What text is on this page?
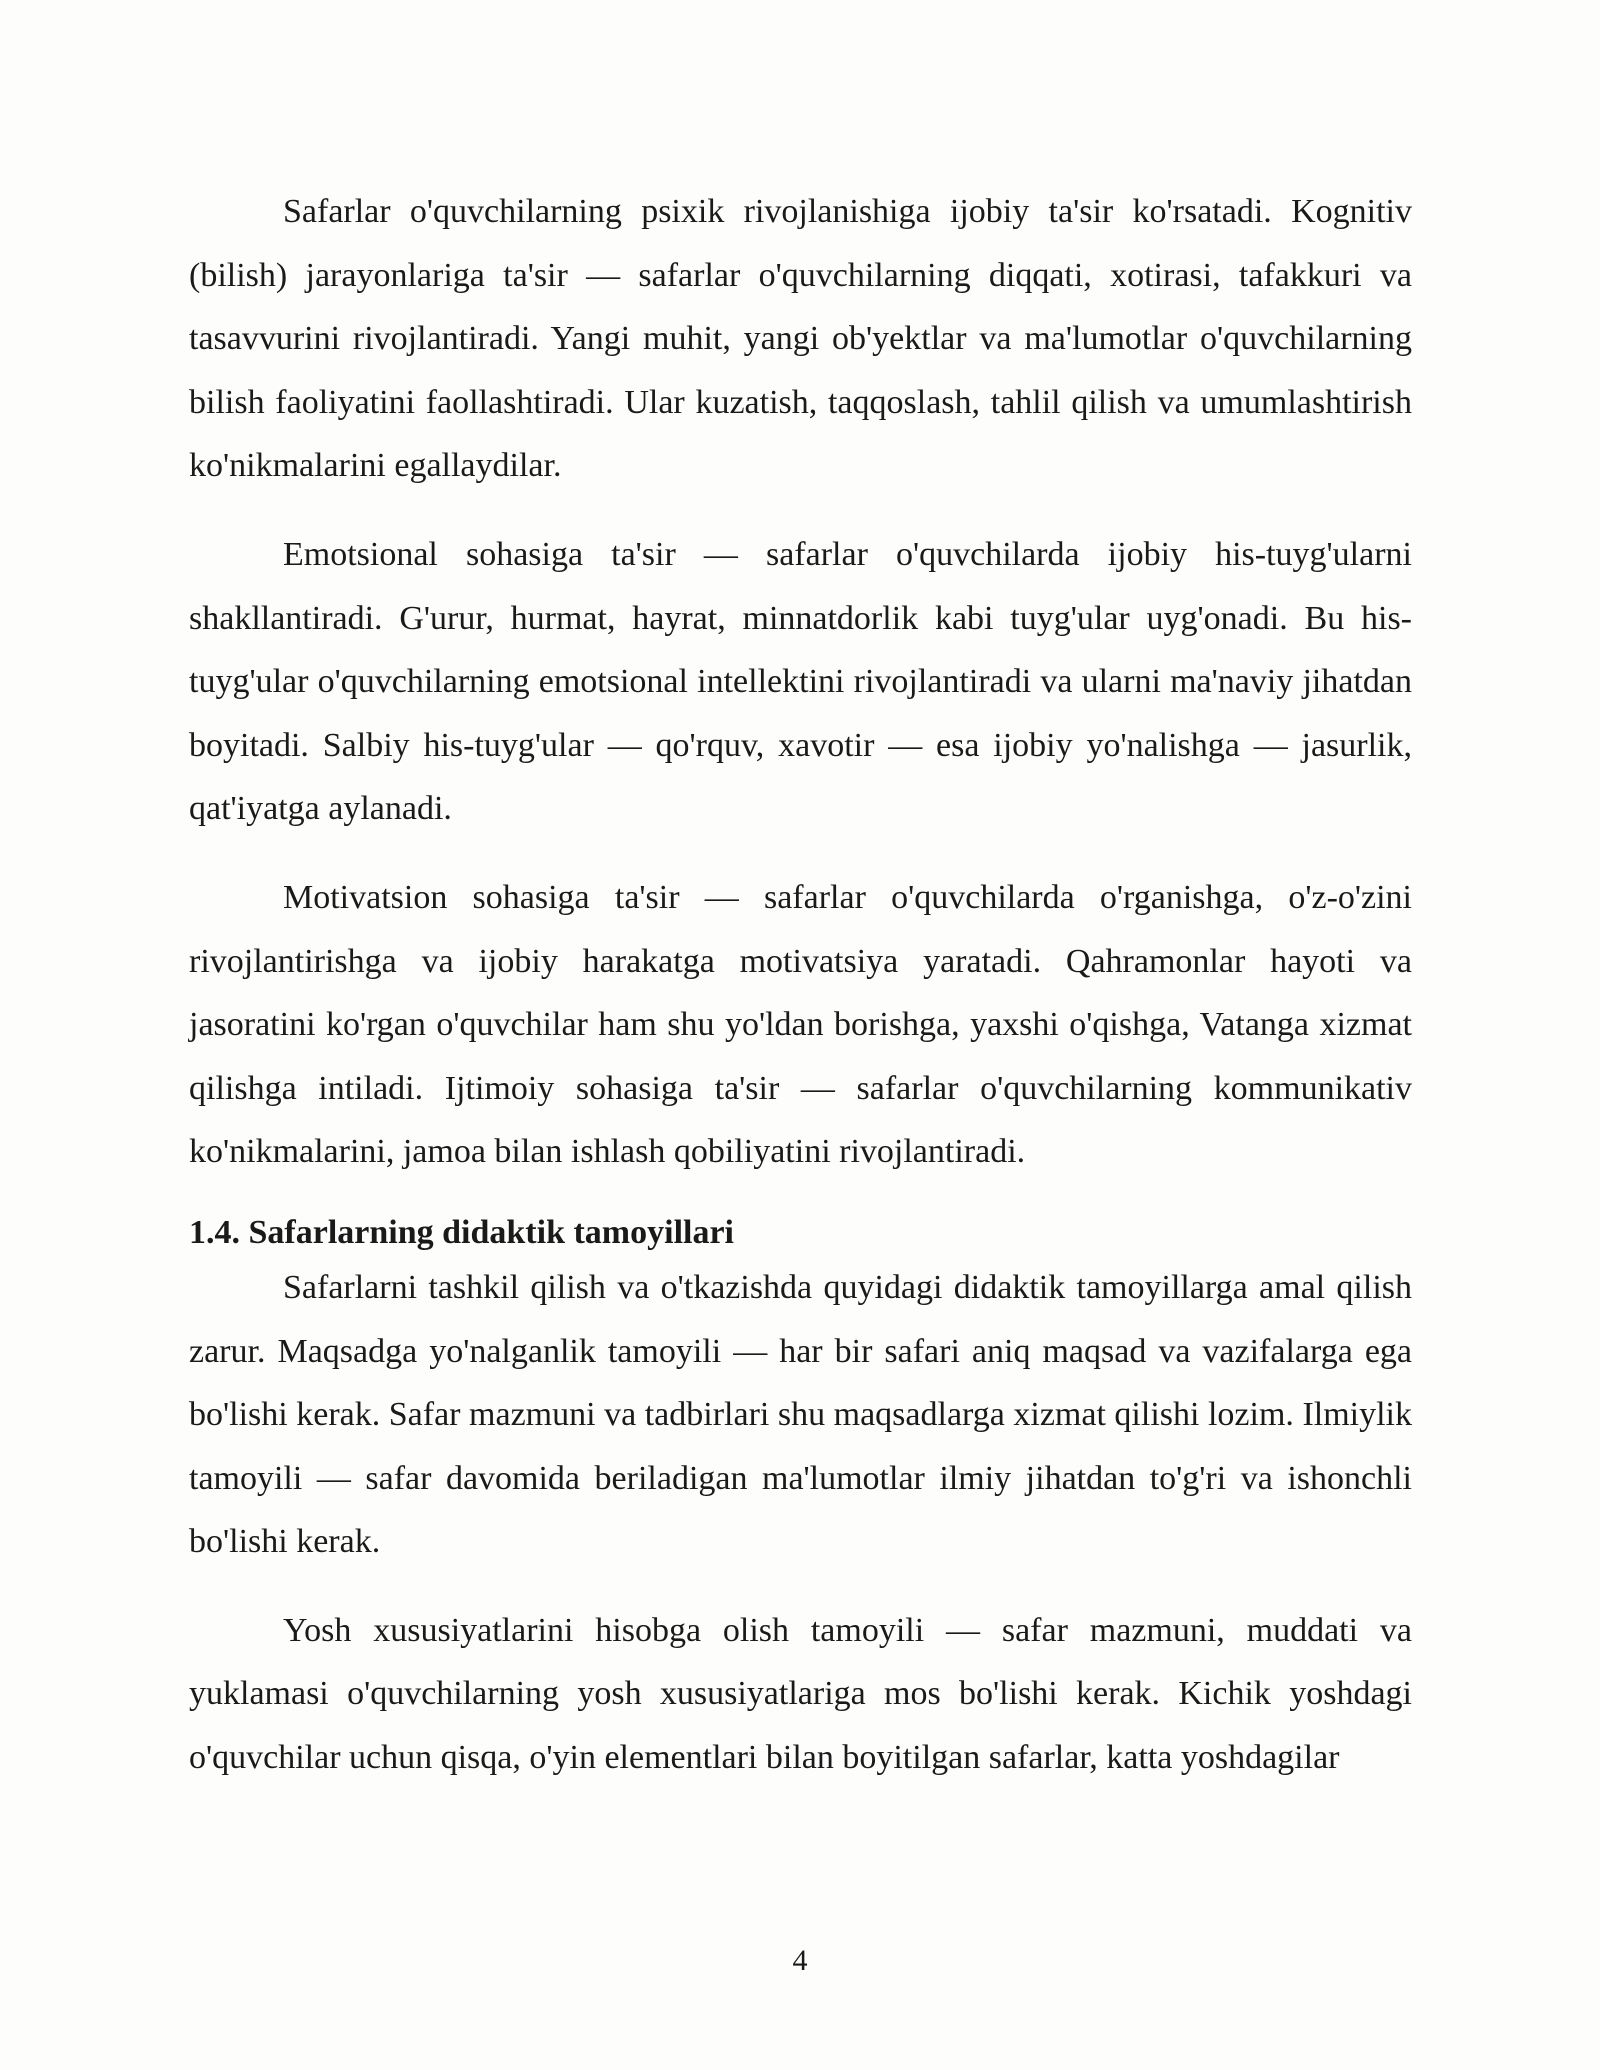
Safarlar o'quvchilarning psixik rivojlanishiga ijobiy ta'sir ko'rsatadi. Kognitiv (bilish) jarayonlariga ta'sir — safarlar o'quvchilarning diqqati, xotirasi, tafakkuri va tasavvurini rivojlantiradi. Yangi muhit, yangi ob'yektlar va ma'lumotlar o'quvchilarning bilish faoliyatini faollashtiradi. Ular kuzatish, taqqoslash, tahlil qilish va umumlashtirish ko'nikmalarini egallaydilar.

Emotsional sohasiga ta'sir — safarlar o'quvchilarda ijobiy his-tuyg'ularni shakllantiradi. G'urur, hurmat, hayrat, minnatdorlik kabi tuyg'ular uyg'onadi. Bu his-tuyg'ular o'quvchilarning emotsional intellektini rivojlantiradi va ularni ma'naviy jihatdan boyitadi. Salbiy his-tuyg'ular — qo'rquv, xavotir — esa ijobiy yo'nalishga — jasurlik, qat'iyatga aylanadi.

Motivatsion sohasiga ta'sir — safarlar o'quvchilarda o'rganishga, o'z-o'zini rivojlantirishga va ijobiy harakatga motivatsiya yaratadi. Qahramonlar hayoti va jasoratini ko'rgan o'quvchilar ham shu yo'ldan borishga, yaxshi o'qishga, Vatanga xizmat qilishga intiladi. Ijtimoiy sohasiga ta'sir — safarlar o'quvchilarning kommunikativ ko'nikmalarini, jamoa bilan ishlash qobiliyatini rivojlantiradi.

1.4. Safarlarning didaktik tamoyillari

Safarlarni tashkil qilish va o'tkazishda quyidagi didaktik tamoyillarga amal qilish zarur. Maqsadga yo'nalganlik tamoyili — har bir safari aniq maqsad va vazifalarga ega bo'lishi kerak. Safar mazmuni va tadbirlari shu maqsadlarga xizmat qilishi lozim. Ilmiylik tamoyili — safar davomida beriladigan ma'lumotlar ilmiy jihatdan to'g'ri va ishonchli bo'lishi kerak.

Yosh xususiyatlarini hisobga olish tamoyili — safar mazmuni, muddati va yuklamasi o'quvchilarning yosh xususiyatlariga mos bo'lishi kerak. Kichik yoshdagi o'quvchilar uchun qisqa, o'yin elementlari bilan boyitilgan safarlar, katta yoshdagilar

4
